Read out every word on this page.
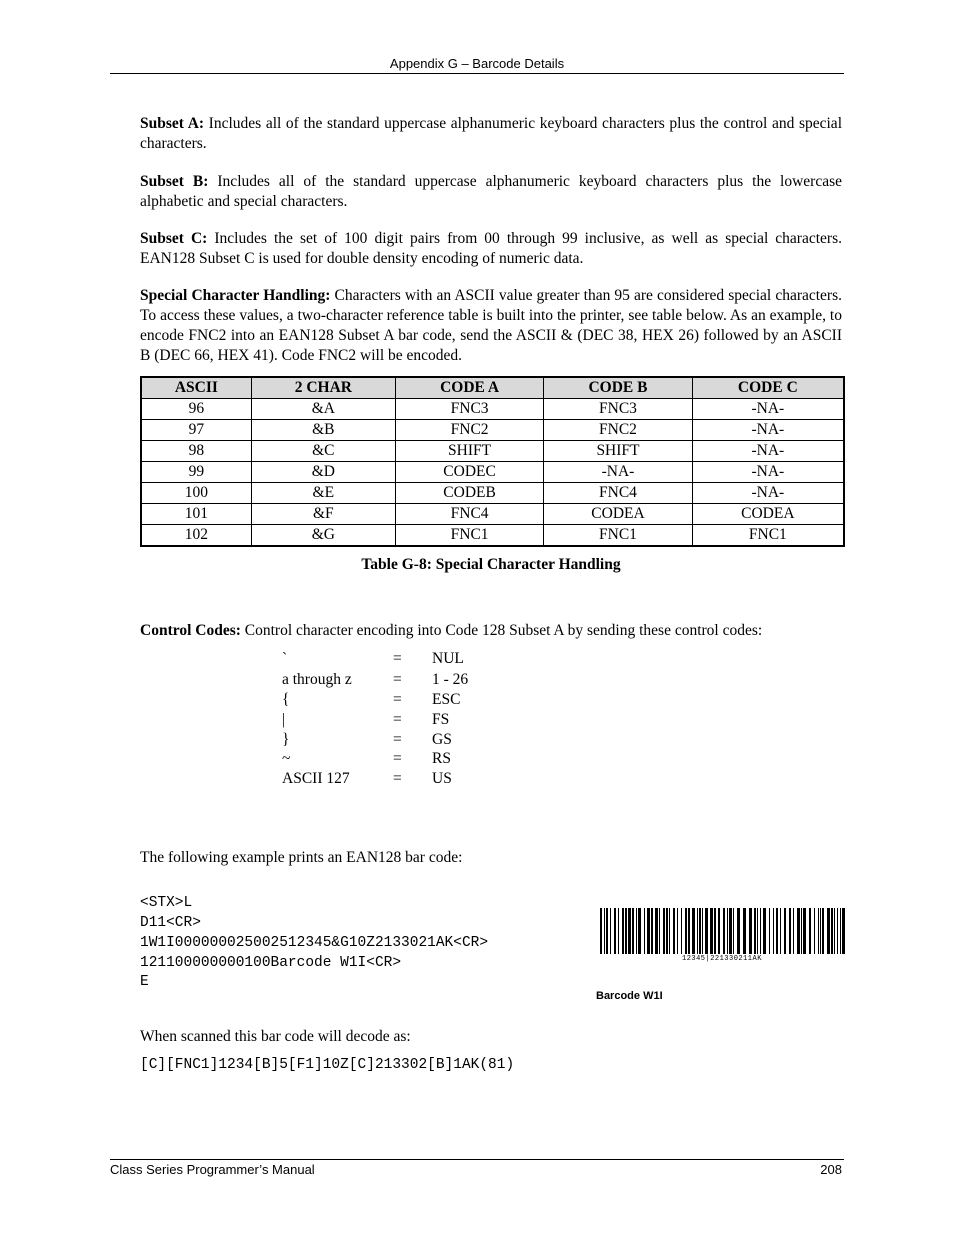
Appendix G – Barcode Details
Subset A: Includes all of the standard uppercase alphanumeric keyboard characters plus the control and special characters.
Subset B: Includes all of the standard uppercase alphanumeric keyboard characters plus the lowercase alphabetic and special characters.
Subset C: Includes the set of 100 digit pairs from 00 through 99 inclusive, as well as special characters. EAN128 Subset C is used for double density encoding of numeric data.
Special Character Handling: Characters with an ASCII value greater than 95 are considered special characters. To access these values, a two-character reference table is built into the printer, see table below. As an example, to encode FNC2 into an EAN128 Subset A bar code, send the ASCII & (DEC 38, HEX 26) followed by an ASCII B (DEC 66, HEX 41). Code FNC2 will be encoded.
ASCII	2 CHAR	CODE A	CODE B	CODE C
96	&A	FNC3	FNC3	-NA-
97	&B	FNC2	FNC2	-NA-
98	&C	SHIFT	SHIFT	-NA-
99	&D	CODEC	-NA-	-NA-
100	&E	CODEB	FNC4	-NA-
101	&F	FNC4	CODEA	CODEA
102	&G	FNC1	FNC1	FNC1
Table G-8: Special Character Handling
Control Codes: Control character encoding into Code 128 Subset A by sending these control codes:
`	= NUL
a through z	= 1 - 26
{	= ESC
|	= FS
}	= GS
~	= RS
ASCII 127	= US
The following example prints an EAN128 bar code:
<STX>L
D11<CR>
1W1I000000025002512345&G10Z2133021AK<CR>
121100000000100Barcode W1I<CR>
E
12345|221330211AK
Barcode W1I
When scanned this bar code will decode as:
[C][FNC1]1234[B]5[F1]10Z[C]213302[B]1AK(81)
Class Series Programmer’s Manual	208
